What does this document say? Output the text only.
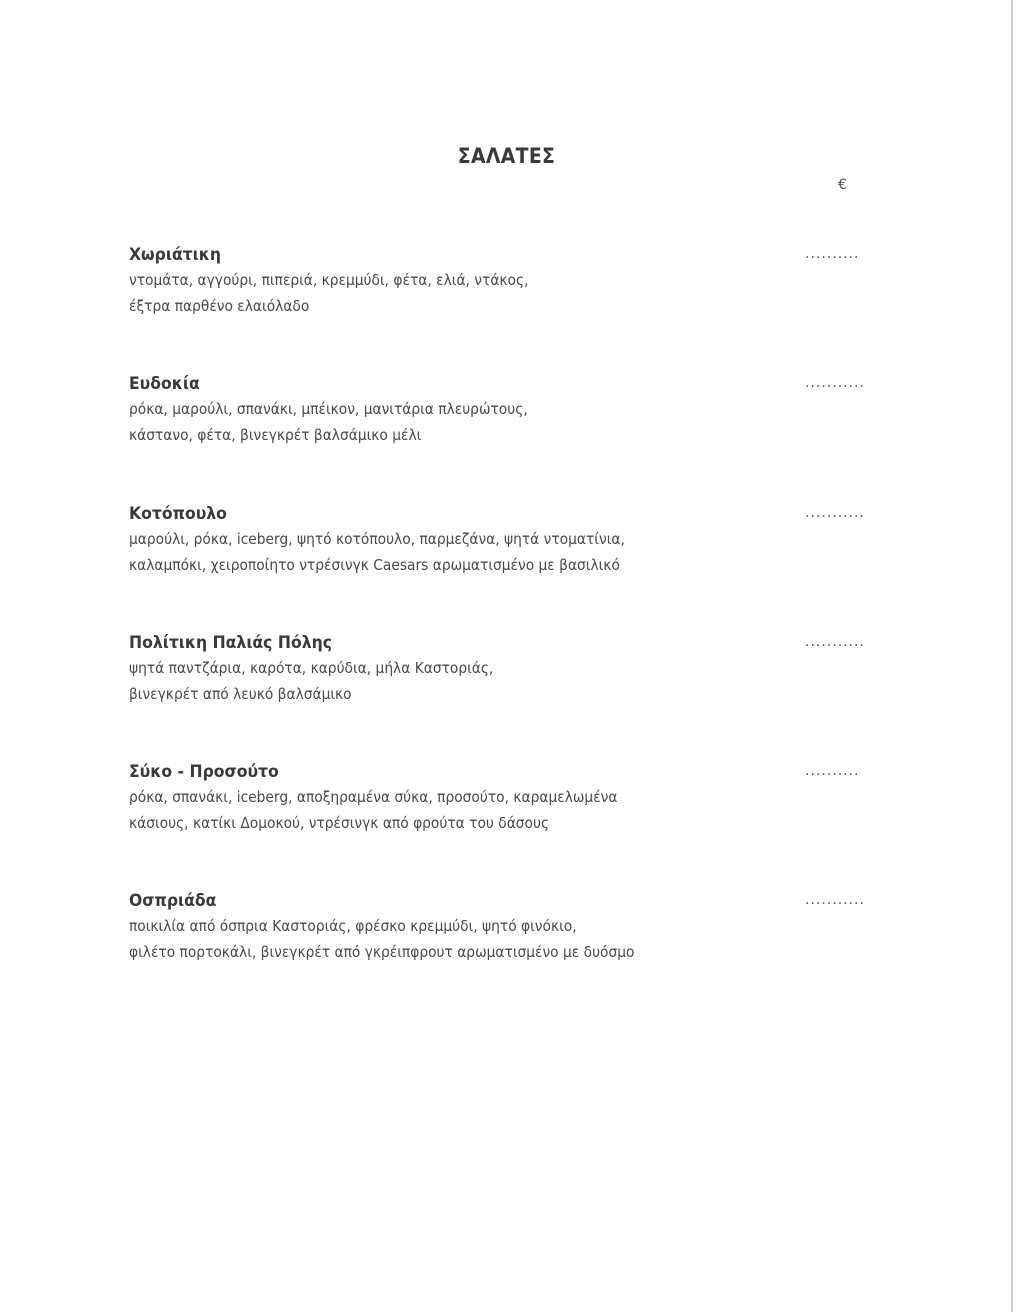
ΣΑΛΑΤΕΣ
€
Χωριάτικη
ντομάτα, αγγούρι, πιπεριά, κρεμμύδι, φέτα, ελιά, ντάκος,
έξτρα παρθένο ελαιόλαδο
..........
Ευδοκία
ρόκα, μαρούλι, σπανάκι, μπέικον, μανιτάρια πλευρώτους,
κάστανο, φέτα, βινεγκρέτ βαλσάμικο μέλι
...........
Κοτόπουλο
μαρούλι, ρόκα, iceberg, ψητό κοτόπουλο, παρμεζάνα, ψητά ντοματίνια,
καλαμπόκι, χειροποίητο ντρέσινγκ Caesars αρωματισμένο με βασιλικό
...........
Πολίτικη Παλιάς Πόλης
ψητά παντζάρια, καρότα, καρύδια, μήλα Καστοριάς,
βινεγκρέτ από λευκό βαλσάμικο
...........
Σύκο - Προσούτο
ρόκα, σπανάκι, iceberg, αποξηραμένα σύκα, προσούτο, καραμελωμένα
κάσιους, κατίκι Δομοκού, ντρέσινγκ από φρούτα του δάσους
..........
Οσπριάδα
ποικιλία από όσπρια Καστοριάς, φρέσκο κρεμμύδι, ψητό φινόκιο,
φιλέτο πορτοκάλι, βινεγκρέτ από γκρέιπφρουτ αρωματισμένο με δυόσμο
...........
